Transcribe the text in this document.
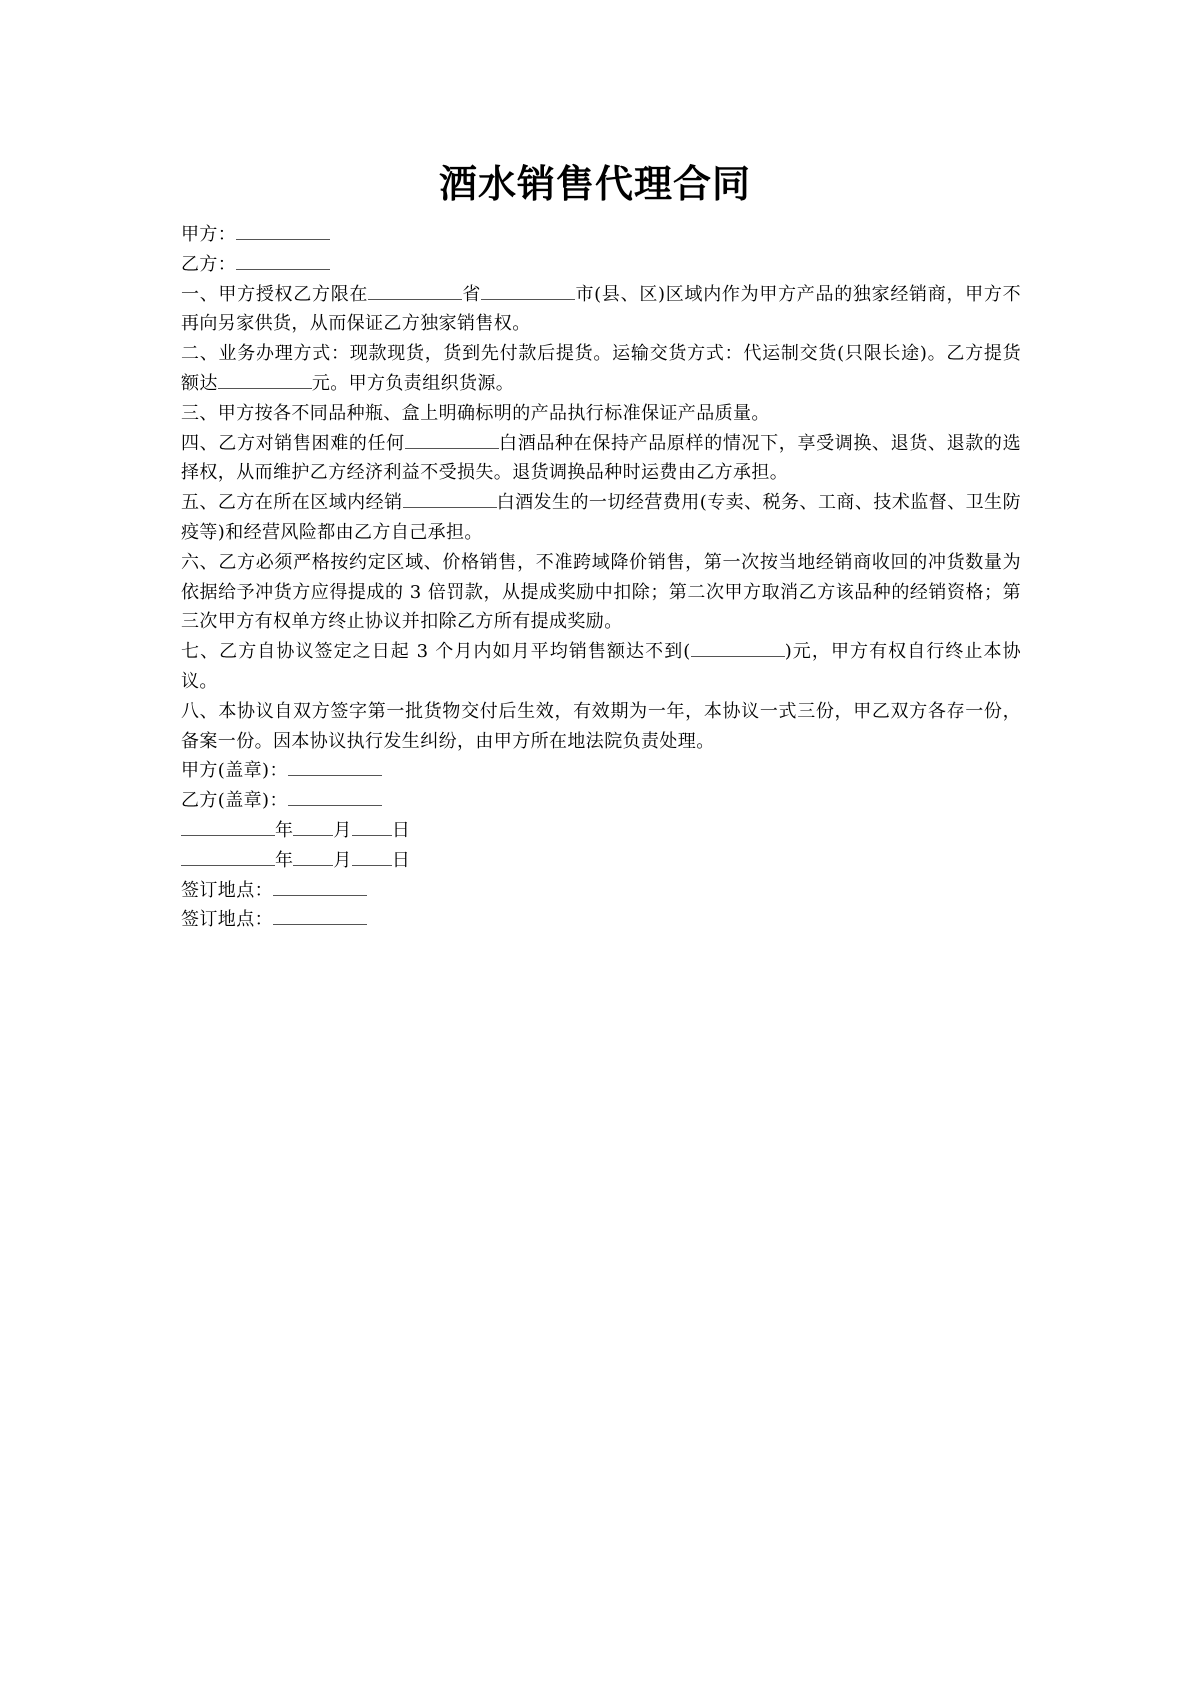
酒水销售代理合同
甲方：
乙方：
一、甲方授权乙方限在	省	市(县、区)区域内作为甲方产品的独家经销商，甲方不再向另家供货，从而保证乙方独家销售权。
二、业务办理方式：现款现货，货到先付款后提货。运输交货方式：代运制交货(只限长途)。乙方提货额达	元。甲方负责组织货源。
三、甲方按各不同品种瓶、盒上明确标明的产品执行标准保证产品质量。
四、乙方对销售困难的任何	白酒品种在保持产品原样的情况下，享受调换、退货、退款的选择权，从而维护乙方经济利益不受损失。退货调换品种时运费由乙方承担。
五、乙方在所在区域内经销	白酒发生的一切经营费用(专卖、税务、工商、技术监督、卫生防疫等)和经营风险都由乙方自己承担。
六、乙方必须严格按约定区域、价格销售，不准跨域降价销售，第一次按当地经销商收回的冲货数量为依据给予冲货方应得提成的 3 倍罚款，从提成奖励中扣除；第二次甲方取消乙方该品种的经销资格；第三次甲方有权单方终止协议并扣除乙方所有提成奖励。
七、乙方自协议签定之日起 3 个月内如月平均销售额达不到(	)元，甲方有权自行终止本协议。
八、本协议自双方签字第一批货物交付后生效，有效期为一年，本协议一式三份，甲乙双方各存一份，备案一份。因本协议执行发生纠纷，由甲方所在地法院负责处理。
甲方(盖章)：
乙方(盖章)：
年 月 日
年 月 日
签订地点：
签订地点：
